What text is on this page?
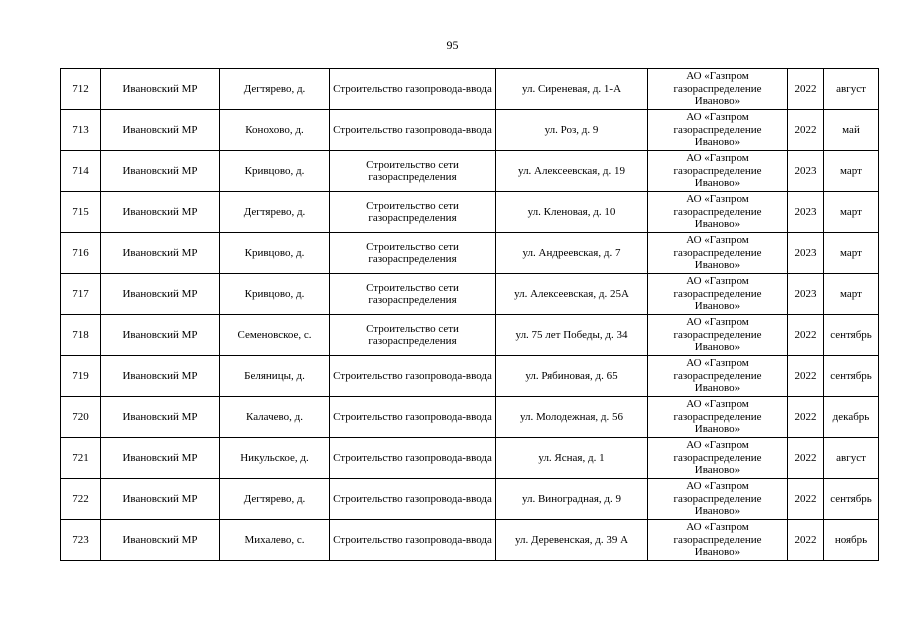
95
712	Ивановский МР	Дегтярево, д.	Строительство газопровода-ввода	ул. Сиреневая, д. 1-А	АО «Газпром газораспределение Иваново»	2022	август
713	Ивановский МР	Конохово, д.	Строительство газопровода-ввода	ул. Роз, д. 9	АО «Газпром газораспределение Иваново»	2022	май
714	Ивановский МР	Кривцово, д.	Строительство сети газораспределения	ул. Алексеевская, д. 19	АО «Газпром газораспределение Иваново»	2023	март
715	Ивановский МР	Дегтярево, д.	Строительство сети газораспределения	ул. Кленовая, д. 10	АО «Газпром газораспределение Иваново»	2023	март
716	Ивановский МР	Кривцово, д.	Строительство сети газораспределения	ул. Андреевская, д. 7	АО «Газпром газораспределение Иваново»	2023	март
717	Ивановский МР	Кривцово, д.	Строительство сети газораспределения	ул. Алексеевская, д. 25А	АО «Газпром газораспределение Иваново»	2023	март
718	Ивановский МР	Семеновское, с.	Строительство сети газораспределения	ул. 75 лет Победы, д. 34	АО «Газпром газораспределение Иваново»	2022	сентябрь
719	Ивановский МР	Беляницы, д.	Строительство газопровода-ввода	ул. Рябиновая, д. 65	АО «Газпром газораспределение Иваново»	2022	сентябрь
720	Ивановский МР	Калачево, д.	Строительство газопровода-ввода	ул. Молодежная, д. 56	АО «Газпром газораспределение Иваново»	2022	декабрь
721	Ивановский МР	Никульское, д.	Строительство газопровода-ввода	ул. Ясная, д. 1	АО «Газпром газораспределение Иваново»	2022	август
722	Ивановский МР	Дегтярево, д.	Строительство газопровода-ввода	ул. Виноградная, д. 9	АО «Газпром газораспределение Иваново»	2022	сентябрь
723	Ивановский МР	Михалево, с.	Строительство газопровода-ввода	ул. Деревенская, д. 39 А	АО «Газпром газораспределение Иваново»	2022	ноябрь
